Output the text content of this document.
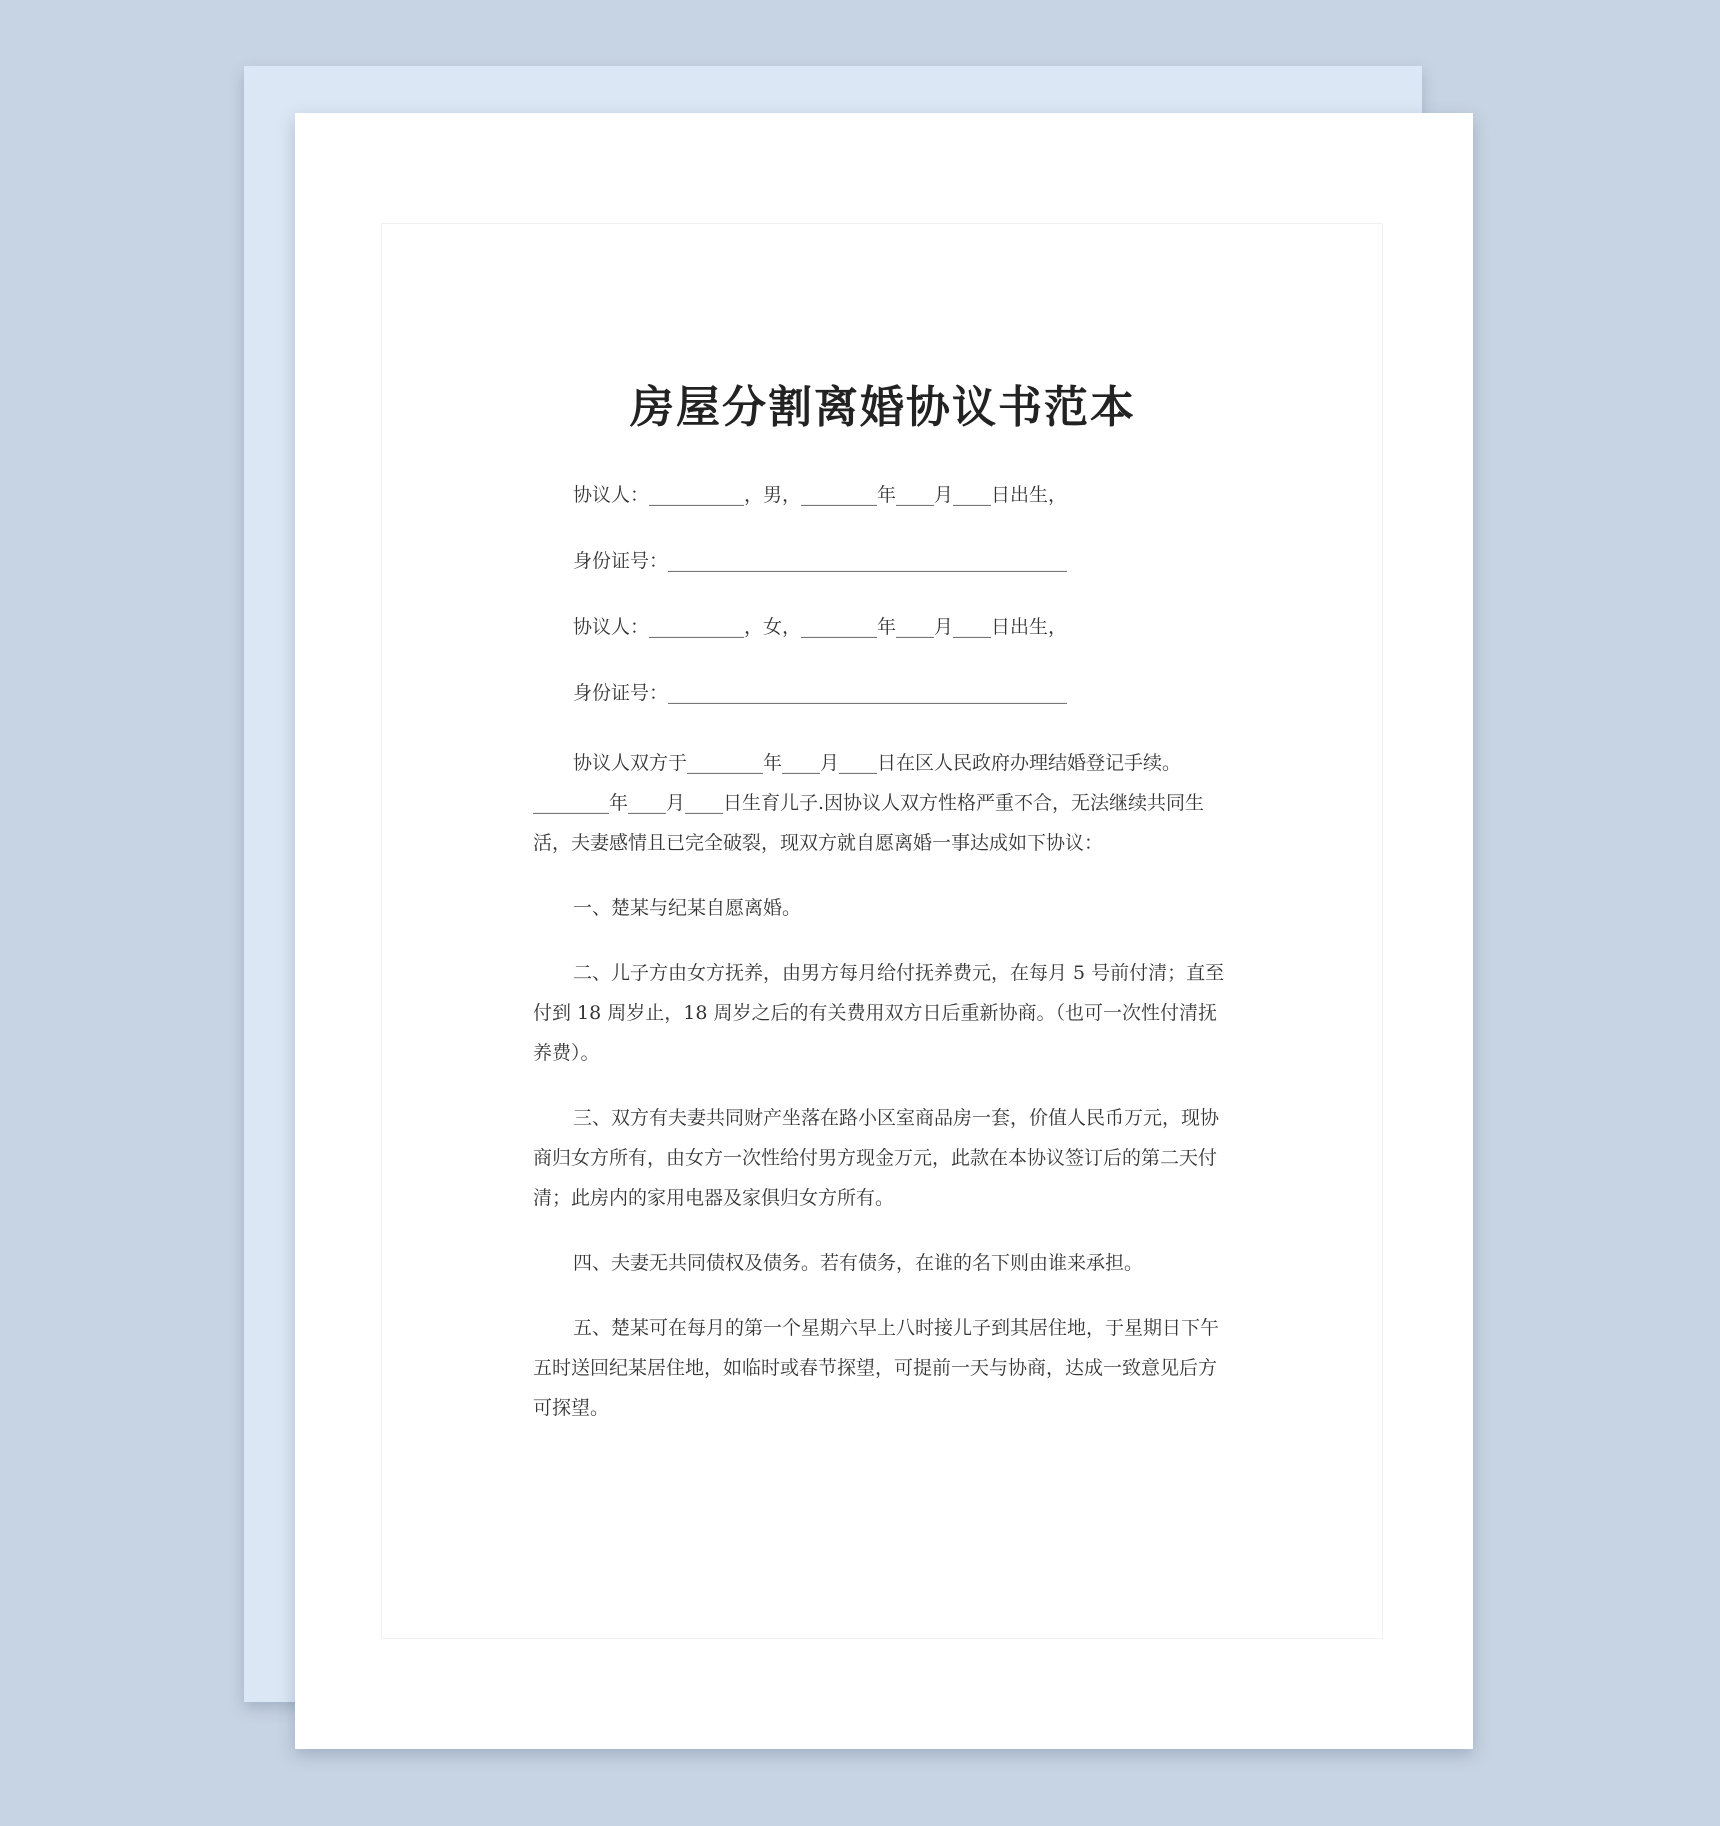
房屋分割离婚协议书范本
协议人：__________，男，________年____月____日出生，
身份证号：__________________________________________
协议人：__________，女，________年____月____日出生，
身份证号：__________________________________________

协议人双方于________年____月____日在区人民政府办理结婚登记手续。________年____月____日生育儿子.因协议人双方性格严重不合，无法继续共同生活，夫妻感情且已完全破裂，现双方就自愿离婚一事达成如下协议：

一、楚某与纪某自愿离婚。

二、儿子方由女方抚养，由男方每月给付抚养费元，在每月 5 号前付清；直至付到 18 周岁止，18 周岁之后的有关费用双方日后重新协商。（也可一次性付清抚养费）。

三、双方有夫妻共同财产坐落在路小区室商品房一套，价值人民币万元，现协商归女方所有，由女方一次性给付男方现金万元，此款在本协议签订后的第二天付清；此房内的家用电器及家俱归女方所有。

四、夫妻无共同债权及债务。若有债务，在谁的名下则由谁来承担。

五、楚某可在每月的第一个星期六早上八时接儿子到其居住地，于星期日下午五时送回纪某居住地，如临时或春节探望，可提前一天与协商，达成一致意见后方可探望。
